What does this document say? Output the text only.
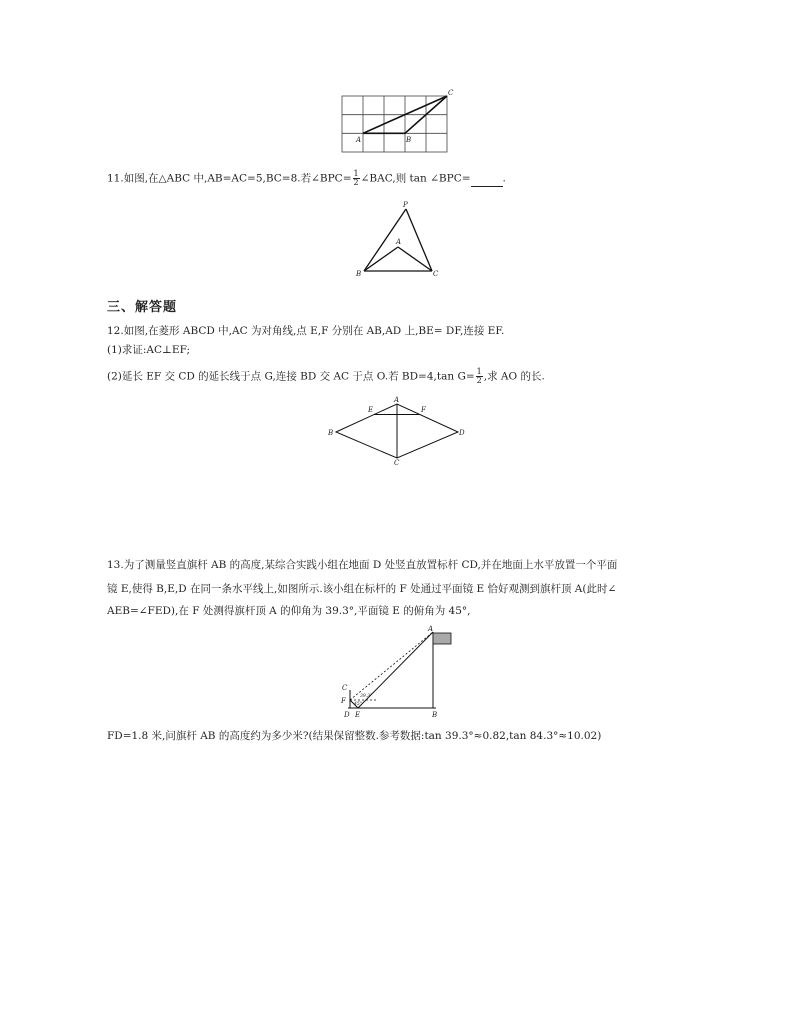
A	B
C
11.如图,在△ABC 中,AB=AC=5,BC=8.若∠BPC= $\frac{1}{2}$ ∠BAC,则 tan ∠BPC=	.
P
A
B	C
三、解答题
12.如图,在菱形 ABCD 中,AC 为对角线,点 E,F 分别在 AB,AD 上,BE= DF,连接 EF.
(1)求证:AC⊥EF;
(2)延长 EF 交 CD 的延长线于点 G,连接 BD 交 AC 于点 O.若 BD=4,tan $G= \frac{1}{2}$ ,求 AO 的长.
A
E	F
B	D
C
13.为了测量竖直旗杆 AB 的高度,某综合实践小组在地面 D 处竖直放置标杆 CD,并在地面上水平放置一个平面
镜 E,使得 B,E,D 在同一条水平线上,如图所示.该小组在标杆的 F 处通过平面镜 E 恰好观测到旗杆顶 A(此时∠
AEB=∠FED),在 F 处测得旗杆顶 A 的仰角为 39.3°,平面镜 E 的俯角为 45°,
A
C
F
D E	B
39.3°
45°
FD=1.8 米,问旗杆 AB 的高度约为多少米?(结果保留整数.参考数据:tan 39.3°≈0.82,tan 84.3°≈10.02)
